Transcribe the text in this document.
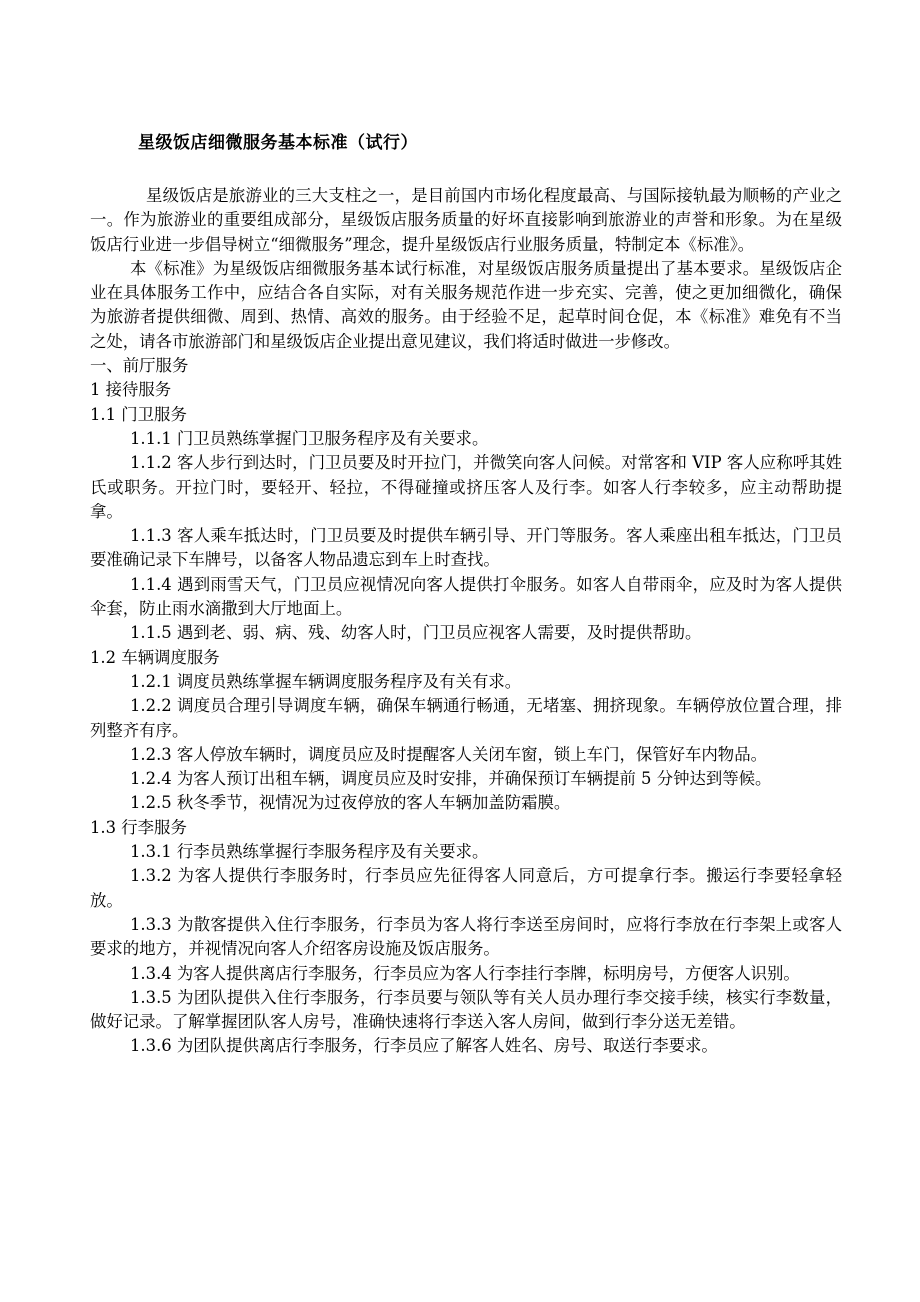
星级饭店细微服务基本标准（试行）

星级饭店是旅游业的三大支柱之一，是目前国内市场化程度最高、与国际接轨最为顺畅的产业之一。作为旅游业的重要组成部分，星级饭店服务质量的好坏直接影响到旅游业的声誉和形象。为在星级饭店行业进一步倡导树立“细微服务”理念，提升星级饭店行业服务质量，特制定本《标准》。

本《标准》为星级饭店细微服务基本试行标准，对星级饭店服务质量提出了基本要求。星级饭店企业在具体服务工作中，应结合各自实际，对有关服务规范作进一步充实、完善，使之更加细微化，确保为旅游者提供细微、周到、热情、高效的服务。由于经验不足，起草时间仓促，本《标准》难免有不当之处，请各市旅游部门和星级饭店企业提出意见建议，我们将适时做进一步修改。

一、前厅服务

1 接待服务

1.1 门卫服务

1.1.1 门卫员熟练掌握门卫服务程序及有关要求。

1.1.2 客人步行到达时，门卫员要及时开拉门，并微笑向客人问候。对常客和 VIP 客人应称呼其姓氏或职务。开拉门时，要轻开、轻拉，不得碰撞或挤压客人及行李。如客人行李较多，应主动帮助提拿。

1.1.3 客人乘车抵达时，门卫员要及时提供车辆引导、开门等服务。客人乘座出租车抵达，门卫员要准确记录下车牌号，以备客人物品遗忘到车上时查找。

1.1.4 遇到雨雪天气，门卫员应视情况向客人提供打伞服务。如客人自带雨伞，应及时为客人提供伞套，防止雨水滴撒到大厅地面上。

1.1.5 遇到老、弱、病、残、幼客人时，门卫员应视客人需要，及时提供帮助。

1.2 车辆调度服务

1.2.1 调度员熟练掌握车辆调度服务程序及有关有求。

1.2.2 调度员合理引导调度车辆，确保车辆通行畅通，无堵塞、拥挤现象。车辆停放位置合理，排列整齐有序。

1.2.3 客人停放车辆时，调度员应及时提醒客人关闭车窗，锁上车门，保管好车内物品。

1.2.4 为客人预订出租车辆，调度员应及时安排，并确保预订车辆提前 5 分钟达到等候。

1.2.5 秋冬季节，视情况为过夜停放的客人车辆加盖防霜膜。

1.3 行李服务

1.3.1 行李员熟练掌握行李服务程序及有关要求。

1.3.2 为客人提供行李服务时，行李员应先征得客人同意后，方可提拿行李。搬运行李要轻拿轻放。

1.3.3 为散客提供入住行李服务，行李员为客人将行李送至房间时，应将行李放在行李架上或客人要求的地方，并视情况向客人介绍客房设施及饭店服务。

1.3.4 为客人提供离店行李服务，行李员应为客人行李挂行李牌，标明房号，方便客人识别。

1.3.5 为团队提供入住行李服务，行李员要与领队等有关人员办理行李交接手续，核实行李数量，做好记录。了解掌握团队客人房号，准确快速将行李送入客人房间，做到行李分送无差错。

1.3.6 为团队提供离店行李服务，行李员应了解客人姓名、房号、取送行李要求。
